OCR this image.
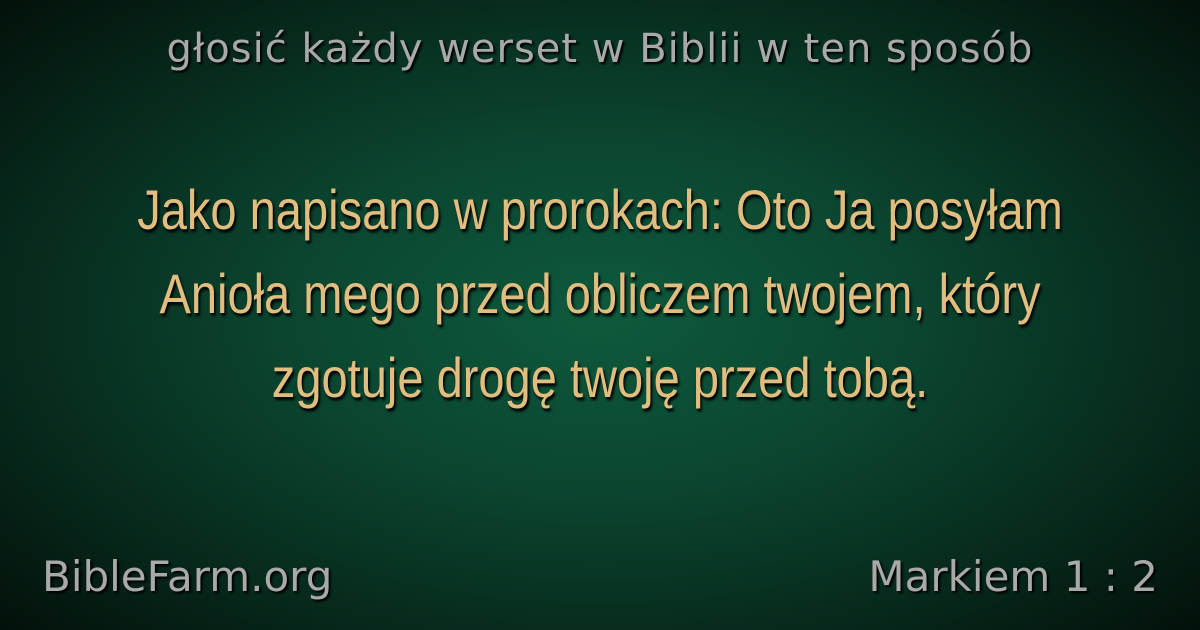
głosić każdy werset w Biblii w ten sposób
Jako napisano w prorokach: Oto Ja posyłam Anioła mego przed obliczem twojem, który zgotuje drogę twoję przed tobą.
BibleFarm.org	Markiem 1 : 2
